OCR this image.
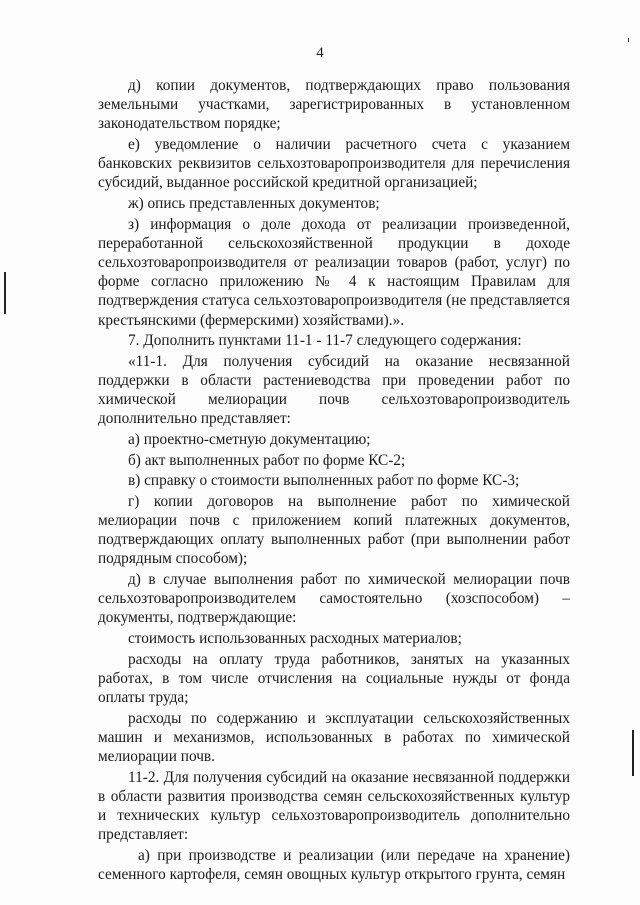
4

д) копии документов, подтверждающих право пользования земельными участками, зарегистрированных в установленном законодательством порядке;

е) уведомление о наличии расчетного счета с указанием банковских реквизитов сельхозтоваропроизводителя для перечисления субсидий, выданное российской кредитной организацией;

ж) опись представленных документов;

з) информация о доле дохода от реализации произведенной, переработанной сельскохозяйственной продукции в доходе сельхозтоваропроизводителя от реализации товаров (работ, услуг) по форме согласно приложению № 4 к настоящим Правилам для подтверждения статуса сельхозтоваропроизводителя (не представляется крестьянскими (фермерскими) хозяйствами).».

7. Дополнить пунктами 11-1 - 11-7 следующего содержания:

«11-1. Для получения субсидий на оказание несвязанной поддержки в области растениеводства при проведении работ по химической мелиорации почв сельхозтоваропроизводитель дополнительно представляет:

а) проектно-сметную документацию;

б) акт выполненных работ по форме КС-2;

в) справку о стоимости выполненных работ по форме КС-3;

г) копии договоров на выполнение работ по химической мелиорации почв с приложением копий платежных документов, подтверждающих оплату выполненных работ (при выполнении работ подрядным способом);

д) в случае выполнения работ по химической мелиорации почв сельхозтоваропроизводителем самостоятельно (хозспособом) – документы, подтверждающие:

стоимость использованных расходных материалов;

расходы на оплату труда работников, занятых на указанных работах, в том числе отчисления на социальные нужды от фонда оплаты труда;

расходы по содержанию и эксплуатации сельскохозяйственных машин и механизмов, использованных в работах по химической мелиорации почв.

11-2. Для получения субсидий на оказание несвязанной поддержки в области развития производства семян сельскохозяйственных культур и технических культур сельхозтоваропроизводитель дополнительно представляет:

а) при производстве и реализации (или передаче на хранение) семенного картофеля, семян овощных культур открытого грунта, семян
